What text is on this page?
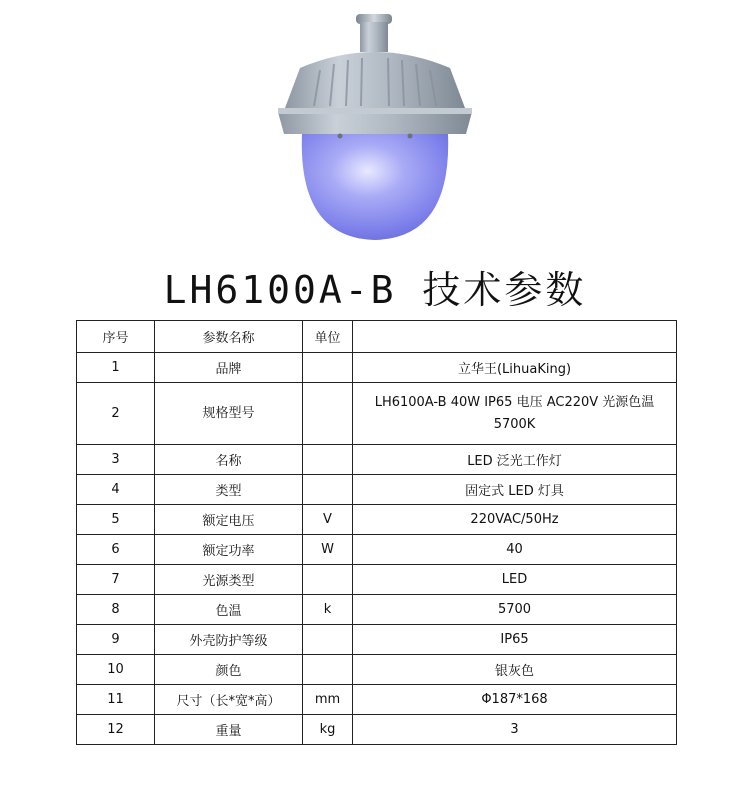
LH6100A-B 技术参数
序号	参数名称	单位	
1	品牌		立华王(LihuaKing)
2	规格型号		LH6100A-B 40W IP65 电压 AC220V 光源色温
5700K

3	名称		LED 泛光工作灯
4	类型		固定式 LED 灯具
5	额定电压	V	220VAC/50Hz
6	额定功率	W	40
7	光源类型		LED
8	色温	k	5700
9	外壳防护等级		IP65
10	颜色		银灰色
11	尺寸（长*宽*高）	mm	Φ187*168
12	重量	kg	3
